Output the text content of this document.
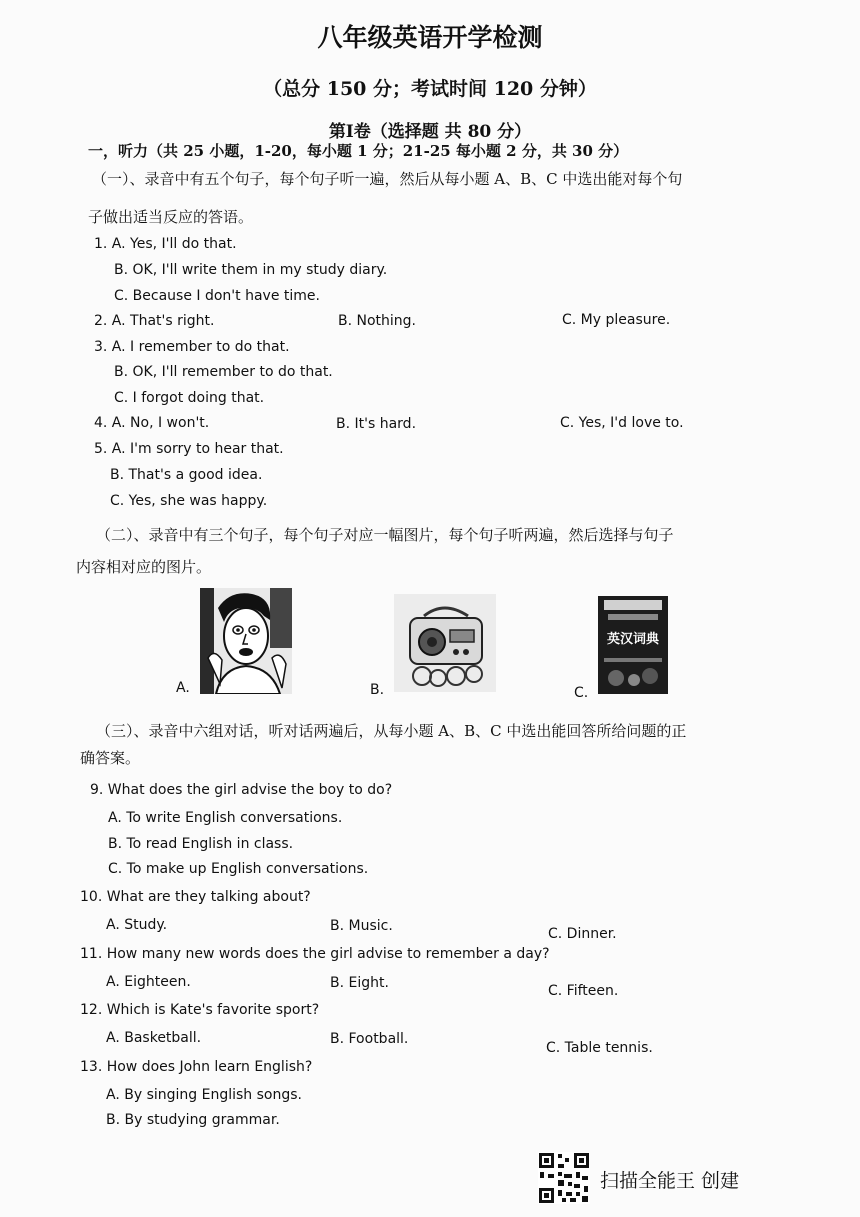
八年级英语开学检测
（总分 150 分；考试时间 120 分钟）
第Ⅰ卷（选择题 共 80 分）
一，听力（共 25 小题，1-20，每小题 1 分；21-25 每小题 2 分，共 30 分）
（一）、录音中有五个句子，每个句子听一遍，然后从每小题 A、B、C 中选出能对每个句
子做出适当反应的答语。
1. A. Yes, I'll do that.
B. OK, I'll write them in my study diary.
C. Because I don't have time.
2. A. That's right.	B. Nothing.	C. My pleasure.
3. A. I remember to do that.
B. OK, I'll remember to do that.
C. I forgot doing that.
4. A. No, I won't.	B. It's hard.	C. Yes, I'd love to.
5. A. I'm sorry to hear that.
B. That's a good idea.
C. Yes, she was happy.
（二）、录音中有三个句子，每个句子对应一幅图片，每个句子听两遍，然后选择与句子
内容相对应的图片。
A.	B.	C.
英汉词典
（三）、录音中六组对话，听对话两遍后，从每小题 A、B、C 中选出能回答所给问题的正
确答案。
9. What does the girl advise the boy to do?
A. To write English conversations.
B. To read English in class.
C. To make up English conversations.
10. What are they talking about?
A. Study.	B. Music.	C. Dinner.
11. How many new words does the girl advise to remember a day?
A. Eighteen.	B. Eight.	C. Fifteen.
12. Which is Kate's favorite sport?
A. Basketball.	B. Football.
C. Table tennis.
13. How does John learn English?
A. By singing English songs.
B. By studying grammar.
扫描全能王 创建
